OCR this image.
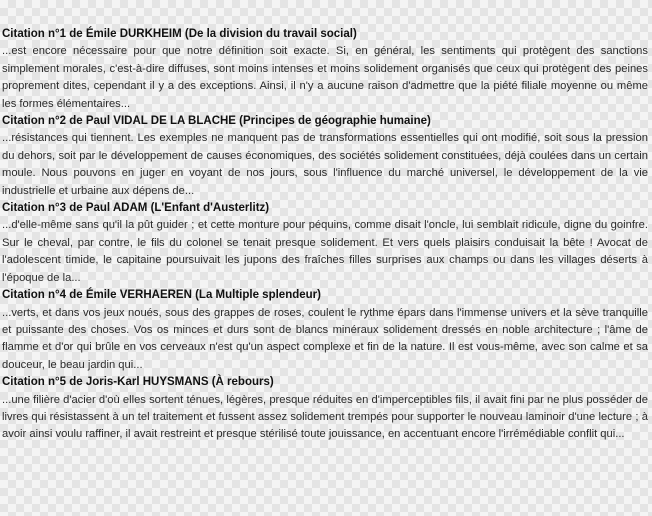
Citation n°1 de Émile DURKHEIM (De la division du travail social)

...est encore nécessaire pour que notre définition soit exacte. Si, en général, les sentiments qui protègent des sanctions simplement morales, c'est-à-dire diffuses, sont moins intenses et moins solidement organisés que ceux qui protègent des peines proprement dites, cependant il y a des exceptions. Ainsi, il n'y a aucune raison d'admettre que la piété filiale moyenne ou même les formes élémentaires...

Citation n°2 de Paul VIDAL DE LA BLACHE (Principes de géographie humaine)

...résistances qui tiennent. Les exemples ne manquent pas de transformations essentielles qui ont modifié, soit sous la pression du dehors, soit par le développement de causes économiques, des sociétés solidement constituées, déjà coulées dans un certain moule. Nous pouvons en juger en voyant de nos jours, sous l'influence du marché universel, le développement de la vie industrielle et urbaine aux dépens de...

Citation n°3 de Paul ADAM (L'Enfant d'Austerlitz)

...d'elle-même sans qu'il la pût guider ; et cette monture pour péquins, comme disait l'oncle, lui semblait ridicule, digne du goinfre. Sur le cheval, par contre, le fils du colonel se tenait presque solidement. Et vers quels plaisirs conduisait la bête ! Avocat de l'adolescent timide, le capitaine poursuivait les jupons des fraîches filles surprises aux champs ou dans les villages déserts à l'époque de la...

Citation n°4 de Émile VERHAEREN (La Multiple splendeur)

...verts, et dans vos jeux noués, sous des grappes de roses, coulent le rythme épars dans l'immense univers et la sève tranquille et puissante des choses. Vos os minces et durs sont de blancs minéraux solidement dressés en noble architecture ; l'âme de flamme et d'or qui brûle en vos cerveaux n'est qu'un aspect complexe et fin de la nature. Il est vous-même, avec son calme et sa douceur, le beau jardin qui...

Citation n°5 de Joris-Karl HUYSMANS (À rebours)

...une filière d'acier d'où elles sortent ténues, légères, presque réduites en d'imperceptibles fils, il avait fini par ne plus posséder de livres qui résistassent à un tel traitement et fussent assez solidement trempés pour supporter le nouveau laminoir d'une lecture ; à avoir ainsi voulu raffiner, il avait restreint et presque stérilisé toute jouissance, en accentuant encore l'irrémédiable conflit qui...
